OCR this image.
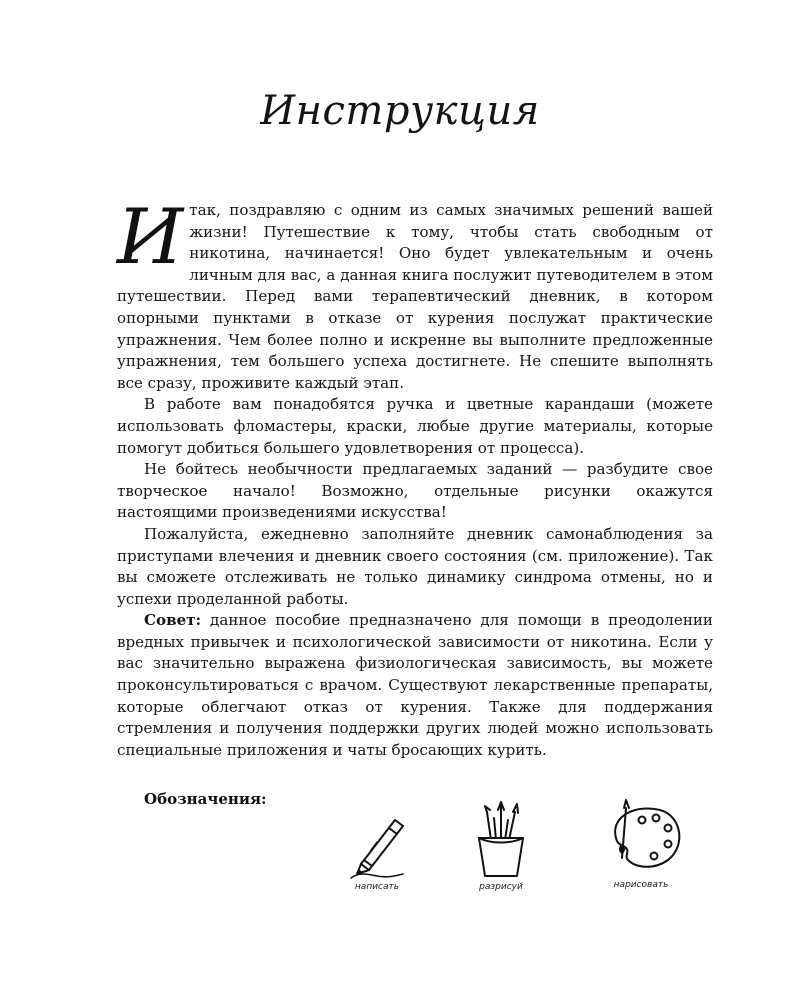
Инструкция

Итак, поздравляю с одним из самых значимых решений вашей жизни! Путешествие к тому, чтобы стать свободным от никотина, начинается! Оно будет увлекательным и очень личным для вас, а данная книга послужит путеводителем в этом путешествии. Перед вами терапевтический дневник, в котором опорными пунктами в отказе от курения послужат практические упражнения. Чем более полно и искренне вы выполните предложенные упражнения, тем большего успеха достигнете. Не спешите выполнять все сразу, проживите каждый этап.

В работе вам понадобятся ручка и цветные карандаши (можете использовать фломастеры, краски, любые другие материалы, которые помогут добиться большего удовлетворения от процесса).

Не бойтесь необычности предлагаемых заданий — разбудите свое творческое начало! Возможно, отдельные рисунки окажутся настоящими произведениями искусства!

Пожалуйста, ежедневно заполняйте дневник самонаблюдения за приступами влечения и дневник своего состояния (см. приложение). Так вы сможете отслеживать не только динамику синдрома отмены, но и успехи проделанной работы.

Совет: данное пособие предназначено для помощи в преодолении вредных привычек и психологической зависимости от никотина. Если у вас значительно выражена физиологическая зависимость, вы можете проконсультироваться с врачом. Существуют лекарственные препараты, которые облегчают отказ от курения. Также для поддержания стремления и получения поддержки других людей можно использовать специальные приложения и чаты бросающих курить.

Обозначения:
написать	разрисуй	нарисовать
